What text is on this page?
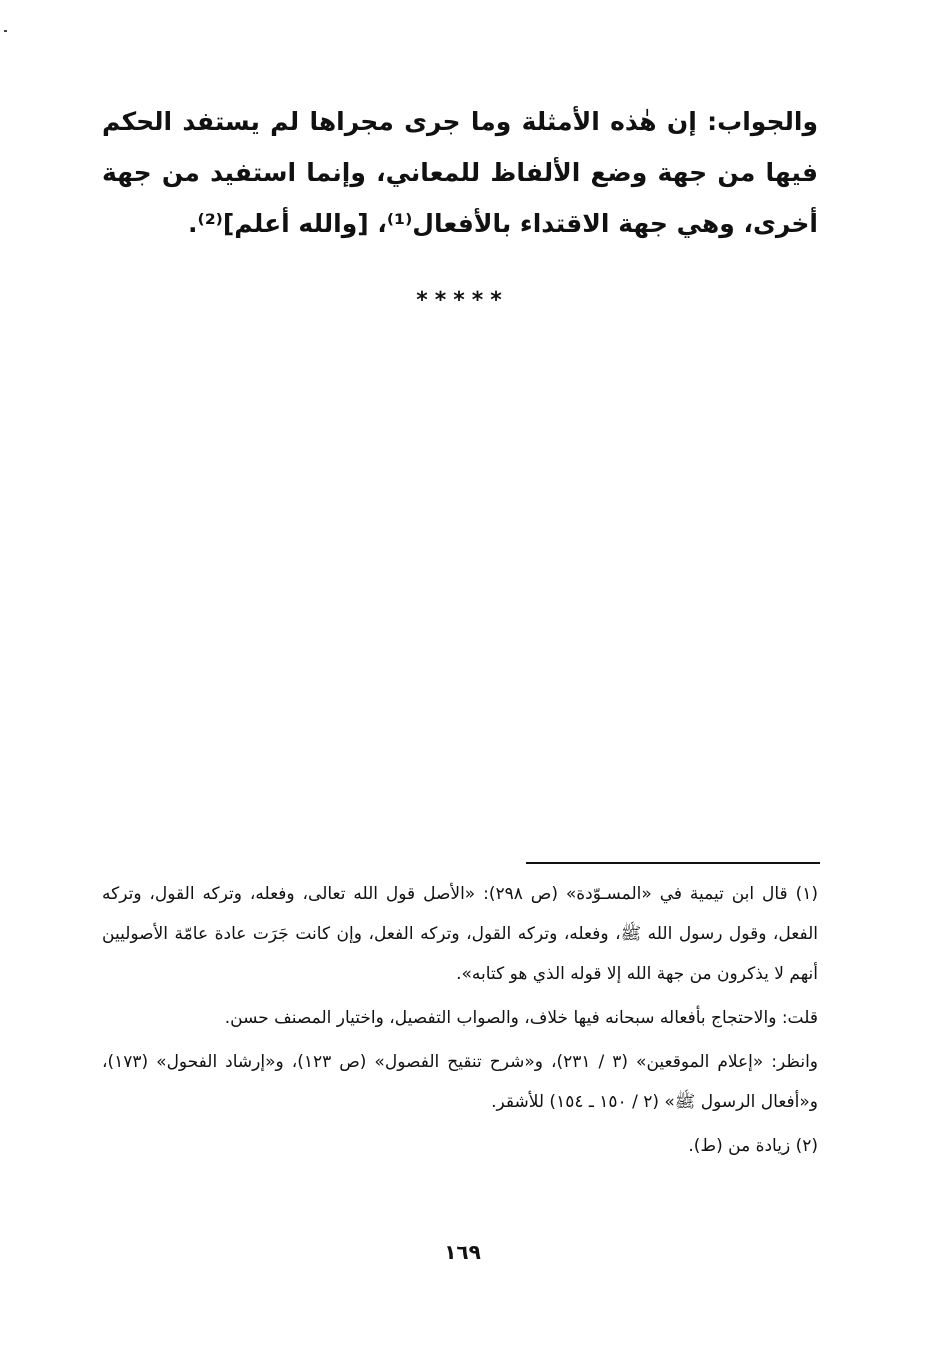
والجواب: إن هٰذه الأمثلة وما جرى مجراها لم يستفد الحكم فيها من جهة وضع الألفاظ للمعاني، وإنما استفيد من جهة أخرى، وهي جهة الاقتداء بالأفعال⁽¹⁾، [والله أعلم]⁽²⁾.

*****

(١) قال ابن تيمية في «المسـوّدة» (ص ٢٩٨): «الأصل قول الله تعالى، وفعله، وتركه القول، وتركه الفعل، وقول رسول الله ﷺ، وفعله، وتركه القول، وتركه الفعل، وإن كانت جَرَت عادة عامّة الأصوليين أنهم لا يذكرون من جهة الله إلا قوله الذي هو كتابه».

قلت: والاحتجاج بأفعاله سبحانه فيها خلاف، والصواب التفصيل، واختيار المصنف حسن.

وانظر: «إعلام الموقعين» (٣ / ٢٣١)، و«شرح تنقيح الفصول» (ص ١٢٣)، و«إرشاد الفحول» (١٧٣)، و«أفعال الرسول ﷺ» (٢ / ١٥٠ ـ ١٥٤) للأشقر.

(٢) زيادة من (ط).

١٦٩
